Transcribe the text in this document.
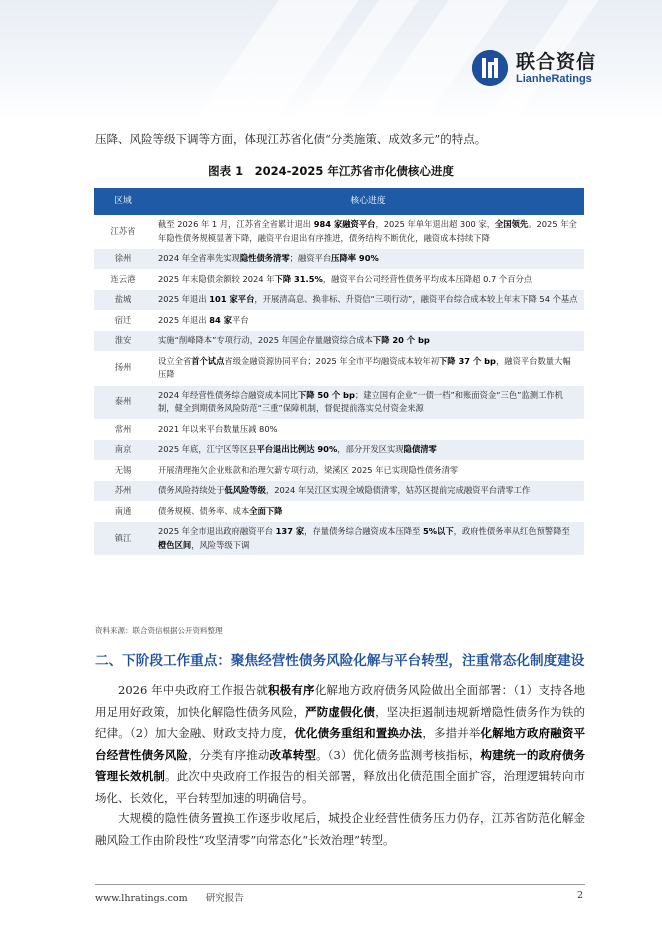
联合资信
LianheRatings

压降、风险等级下调等方面，体现江苏省化债“分类施策、成效多元”的特点。

图表 1　2024-2025 年江苏省市化债核心进度
区域	核心进度
江苏省	截至 2026 年 1 月，江苏省全省累计退出 984 家融资平台，2025 年单年退出超 300 家，全国领先。2025 年全年隐性债务规模显著下降，融资平台退出有序推进，债务结构不断优化，融资成本持续下降
徐州	2024 年全省率先实现隐性债务清零；融资平台压降率 90%
连云港	2025 年末隐债余额较 2024 年下降 31.5%，融资平台公司经营性债务平均成本压降超 0.7 个百分点
盐城	2025 年退出 101 家平台，开展清高息、换非标、升资信“三项行动”，融资平台综合成本较上年末下降 54 个基点
宿迁	2025 年退出 84 家平台
淮安	实施“削峰降本”专项行动，2025 年国企存量融资综合成本下降 20 个 bp
扬州	设立全省首个试点省级金融资源协同平台；2025 年全市平均融资成本较年初下降 37 个 bp，融资平台数量大幅压降
泰州	2024 年经营性债务综合融资成本同比下降 50 个 bp；建立国有企业“一债一档”和账面资金“三色”监测工作机制，健全到期债务风险防范“三重”保障机制，督促提前落实兑付资金来源
常州	2021 年以来平台数量压减 80%
南京	2025 年底，江宁区等区县平台退出比例达 90%，部分开发区实现隐债清零
无锡	开展清理拖欠企业账款和治理欠薪专项行动，梁溪区 2025 年已实现隐性债务清零
苏州	债务风险持续处于低风险等级，2024 年吴江区实现全域隐债清零，姑苏区提前完成融资平台清零工作
南通	债务规模、债务率、成本全面下降
镇江	2025 年全市退出政府融资平台 137 家，存量债务综合融资成本压降至 5%以下，政府性债务率从红色预警降至橙色区间，风险等级下调
资料来源：联合资信根据公开资料整理
二、下阶段工作重点：聚焦经营性债务风险化解与平台转型，注重常态化制度建设

2026 年中央政府工作报告就积极有序化解地方政府债务风险做出全面部署：（1）支持各地用足用好政策，加快化解隐性债务风险，严防虚假化债，坚决拒遏制违规新增隐性债务作为铁的纪律。（2）加大金融、财政支持力度，优化债务重组和置换办法，多措并举化解地方政府融资平台经营性债务风险，分类有序推动改革转型。（3）优化债务监测考核指标，构建统一的政府债务管理长效机制。此次中央政府工作报告的相关部署，释放出化债范围全面扩容，治理逻辑转向市场化、长效化，平台转型加速的明确信号。

大规模的隐性债务置换工作逐步收尾后，城投企业经营性债务压力仍存，江苏省防范化解金融风险工作由阶段性“攻坚清零”向常态化“长效治理”转型。

www.lhratings.com 研究报告	2
